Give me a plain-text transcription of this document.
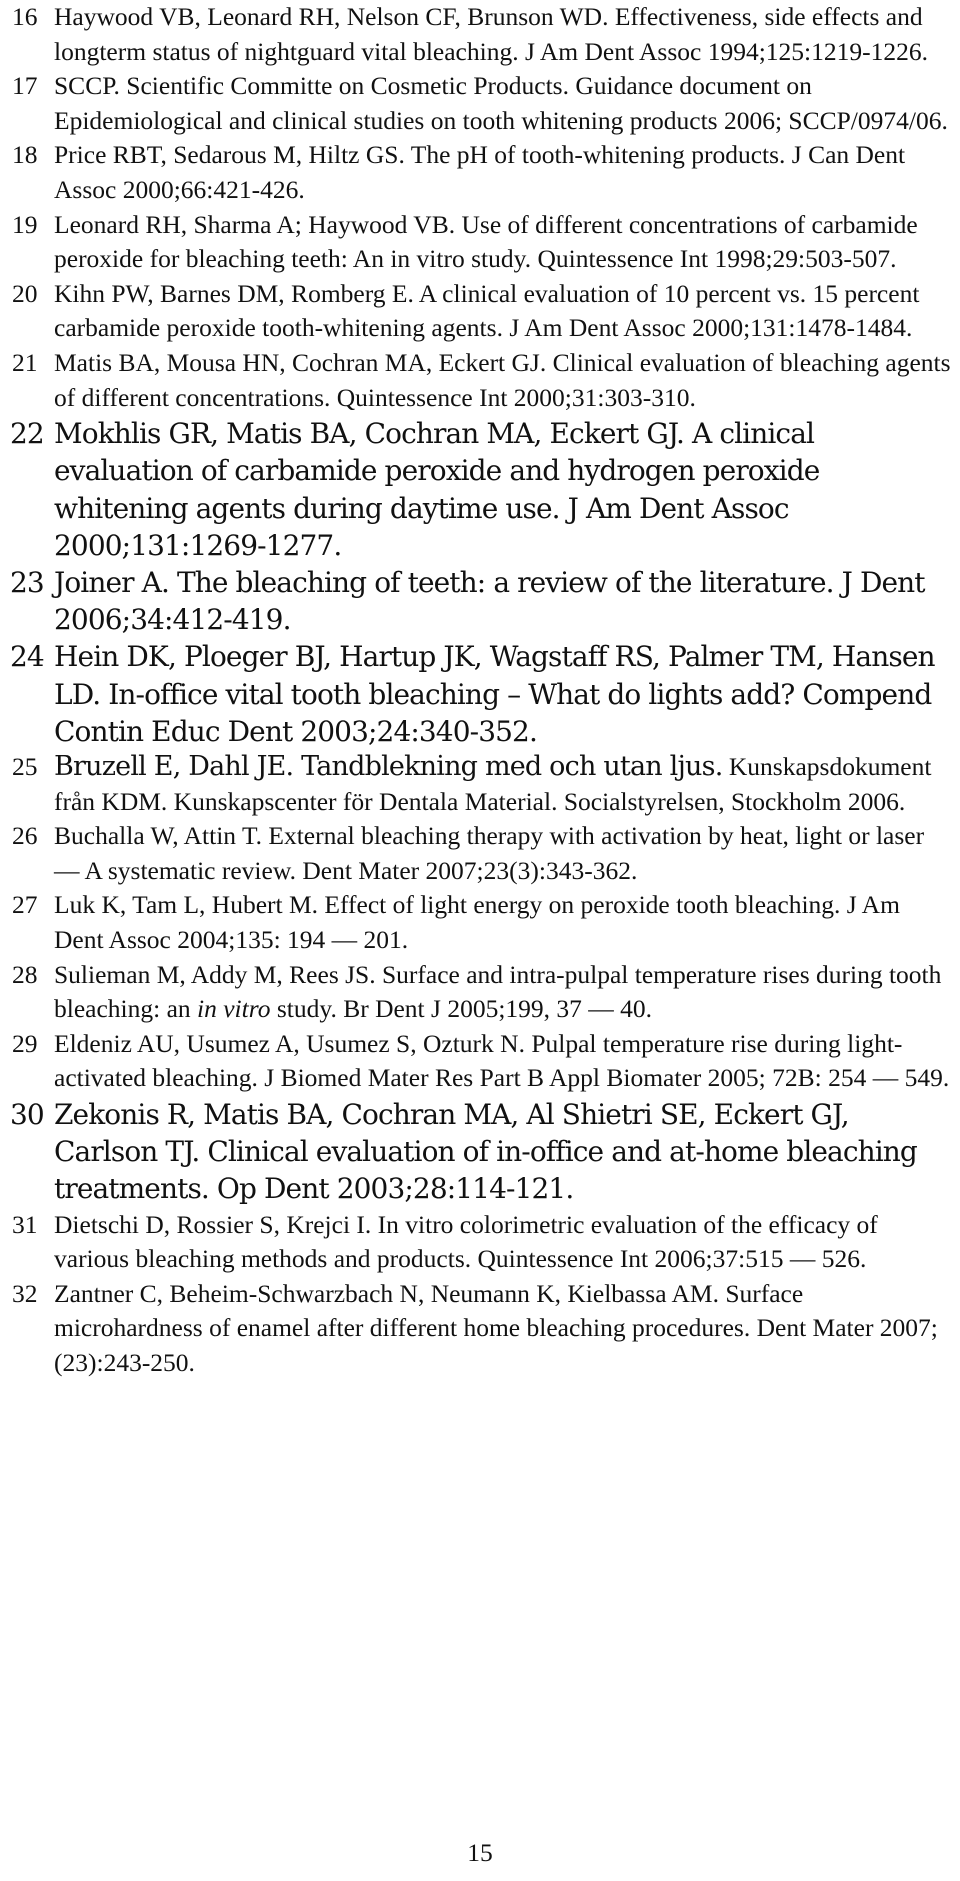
16 Haywood VB, Leonard RH, Nelson CF, Brunson WD. Effectiveness, side effects and longterm status of nightguard vital bleaching. J Am Dent Assoc 1994;125:1219-1226.
17 SCCP. Scientific Committe on Cosmetic Products. Guidance document on Epidemiological and clinical studies on tooth whitening products 2006; SCCP/0974/06.
18 Price RBT, Sedarous M, Hiltz GS. The pH of tooth-whitening products. J Can Dent Assoc 2000;66:421-426.
19 Leonard RH, Sharma A; Haywood VB. Use of different concentrations of carbamide peroxide for bleaching teeth: An in vitro study. Quintessence Int 1998;29:503-507.
20 Kihn PW, Barnes DM, Romberg E. A clinical evaluation of 10 percent vs. 15 percent carbamide peroxide tooth-whitening agents. J Am Dent Assoc 2000;131:1478-1484.
21 Matis BA, Mousa HN, Cochran MA, Eckert GJ. Clinical evaluation of bleaching agents of different concentrations. Quintessence Int 2000;31:303-310.
22 Mokhlis GR, Matis BA, Cochran MA, Eckert GJ. A clinical evaluation of carbamide peroxide and hydrogen peroxide whitening agents during daytime use. J Am Dent Assoc 2000;131:1269-1277.
23 Joiner A. The bleaching of teeth: a review of the literature. J Dent 2006;34:412-419.
24 Hein DK, Ploeger BJ, Hartup JK, Wagstaff RS, Palmer TM, Hansen LD. In-office vital tooth bleaching – What do lights add? Compend Contin Educ Dent 2003;24:340-352.
25 Bruzell E, Dahl JE. Tandblekning med och utan ljus. Kunskapsdokument från KDM. Kunskapscenter för Dentala Material. Socialstyrelsen, Stockholm 2006.
26 Buchalla W, Attin T. External bleaching therapy with activation by heat, light or laser — A systematic review. Dent Mater 2007;23(3):343-362.
27 Luk K, Tam L, Hubert M. Effect of light energy on peroxide tooth bleaching. J Am Dent Assoc 2004;135: 194 — 201.
28 Sulieman M, Addy M, Rees JS. Surface and intra-pulpal temperature rises during tooth bleaching: an in vitro study. Br Dent J 2005;199, 37 — 40.
29 Eldeniz AU, Usumez A, Usumez S, Ozturk N. Pulpal temperature rise during light-activated bleaching. J Biomed Mater Res Part B Appl Biomater 2005; 72B: 254 — 549.
30 Zekonis R, Matis BA, Cochran MA, Al Shietri SE, Eckert GJ, Carlson TJ. Clinical evaluation of in-office and at-home bleaching treatments. Op Dent 2003;28:114-121.
31 Dietschi D, Rossier S, Krejci I. In vitro colorimetric evaluation of the efficacy of various bleaching methods and products. Quintessence Int 2006;37:515 — 526.
32 Zantner C, Beheim-Schwarzbach N, Neumann K, Kielbassa AM. Surface microhardness of enamel after different home bleaching procedures. Dent Mater 2007; (23):243-250.
15
